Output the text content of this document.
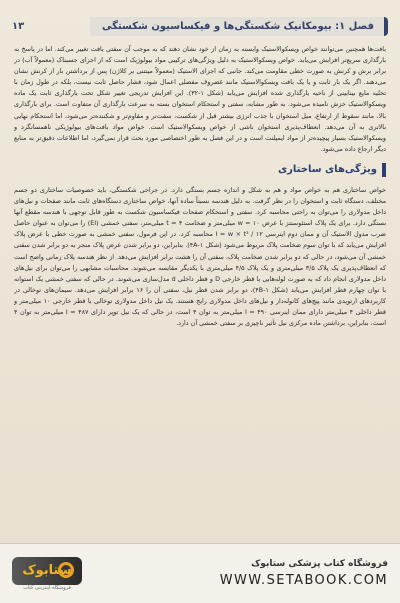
فصل ۱: بیومکانیک شکستگی‌ها و فیکساسیون شکستگی
۱۳

بافت‌ها همچنین می‌توانند خواص ویسکوالاستیک وابسته به زمان از خود نشان دهند که به موجب آن سفتی بافت تغییر می‌کند. اما در پاسخ به بارگذاری سریع‌تر افزایش می‌یابد. خواص ویسکوالاستیک به دلیل ویژگی‌های ترکیبی مواد بیولوژیک است که از اجزای جسبناک (معمولاً آب) در برابر برش و کرنش به صورت خطی مقاومت می‌کند. جانبی که اجزای الاستیک (معمولاً مینتنی بر کلاژن) پس از برداشتن بار از کرنش نشان می‌دهند. اگر یک بار ثابت و یا یک بافت ویسکوالاستیک مانند غضروف مفصلی اعمال شود، فشار حاصل ثابت نیست، بلکه در طول زمان با تخلیه مایع بینابینی از ناحیه بارگذاری شده افزایش می‌یابد (شکل ۱-۳۲). این افزایش تدریجی تغییر شکل تحت بارگذاری ثابت یک ماده ویسکوالاستیک خزش نامیده می‌شود. به طور مشابه، سفتی و استحکام استخوان بسته به سرعت بارگذاری آن متفاوت است. برای بارگذاری بالا، مانند سقوط از ارتفاع، میل استخوان با جذب انرژی بیشتر قبل از شکست، سفت‌تر و مقاوم‌تر و شکننده‌تر می‌شود، اما استحکام نهایی بالاتری به آن می‌دهد. انعطاف‌پذیری استخوان ناشی از خواص ویسکوالاستیک است. خواص مواد بافت‌های بیولوژیکی ناهمسانگرد و ویسکوالاستیک بسیار پیچیده‌تر از مواد ایمپلنت است و در این فصل به طور اختصاصی مورد بحث قرار نمی‌گیرد، اما اطلاعات دقیق‌تر به منابع دیگر ارجاع داده می‌شود.

ویژگی‌های ساختاری

خواص ساختاری هم به خواص مواد و هم به شکل و اندازه جسم بستگی دارد. در جراحی شکستگی، باید خصوصیات ساختاری دو جسم مختلف، دستگاه ثابت و استخوان را در نظر گرفت. به دلیل هندسه نسبتاً ساده آنها، خواص ساختاری دستگاه‌های ثابت مانند صفحات و نیل‌های داخل مدولاری را می‌توان به راحتی محاسبه کرد. سفتی و استحکام صفحات فیکساسیون شکست به طور قابل توجهی با هندسه مقطع آنها بستگی دارد. برای یک پلاک استئوسنتز با عرض w = ۱۰ میلی‌متر و ضخامت t = ۴ میلی‌متر، سفتی خمشی (EI) را می‌توان به عنوان حاصل ضرب مدول الاستیک آن و ممان دوم اینرسی I = w × t³ / ۱۲ محاسبه کرد. در این فرمول، سفتی خمشی به صورت خطی با عرض پلاک افزایش می‌یابد که با توان سوم ضخامت پلاک مربوط می‌شود (شکل ۱-۴A). بنابراین، دو برابر شدن عرض پلاک منجر به دو برابر شدن سفتی خمشی آن می‌شود، در حالی که دو برابر شدن ضخامت پلاک، سفتی آن را هشت برابر افزایش می‌دهد. از نظر هندسه پلاک زمانی واضح است که انعطاف‌پذیری یک پلاک ۳/۵ میلی‌متری و یک پلاک ۴/۵ میلی‌متری با یکدیگر مقایسه می‌شوند. محاسبات مشابهی را می‌توان برای نیل‌های داخل مدولاری انجام داد که به صورت لوله‌هایی با قطر خارجی D و قطر داخلی d مدل‌سازی می‌شوند. در حالی که سفتی خمشی یک استوانه با توان چهارم قطر افزایش می‌یابد (شکل ۱-۴B)، دو برابر شدن قطر نیل، سفتی آن را ۱۶ برابر افزایش می‌دهد. سیمان‌های توخالی در کاربردهای ارتوپدی مانند پیچ‌های کانوله‌دار و نیل‌های داخل مدولاری رایج هستند. یک نیل داخل مدولاری توخالی با قطر خارجی ۱۰ میلی‌متر و قطر داخلی ۴ میلی‌متر دارای ممان اینرسی I = ۴۹۰ میلی‌متر به توان ۴ است، در حالی که یک نیل توپر دارای I = ۴۸۷ میلی‌متر به توان ۴ است. بنابراین، برداشتن ماده مرکزی نیل تأثیر ناچیزی بر سفتی خمشی آن دارد.

ستابوک
فروشگاه اینترنتی کتاب
فروشگاه کتاب پزشکی ستابوک
WWW.SETABOOK.COM
